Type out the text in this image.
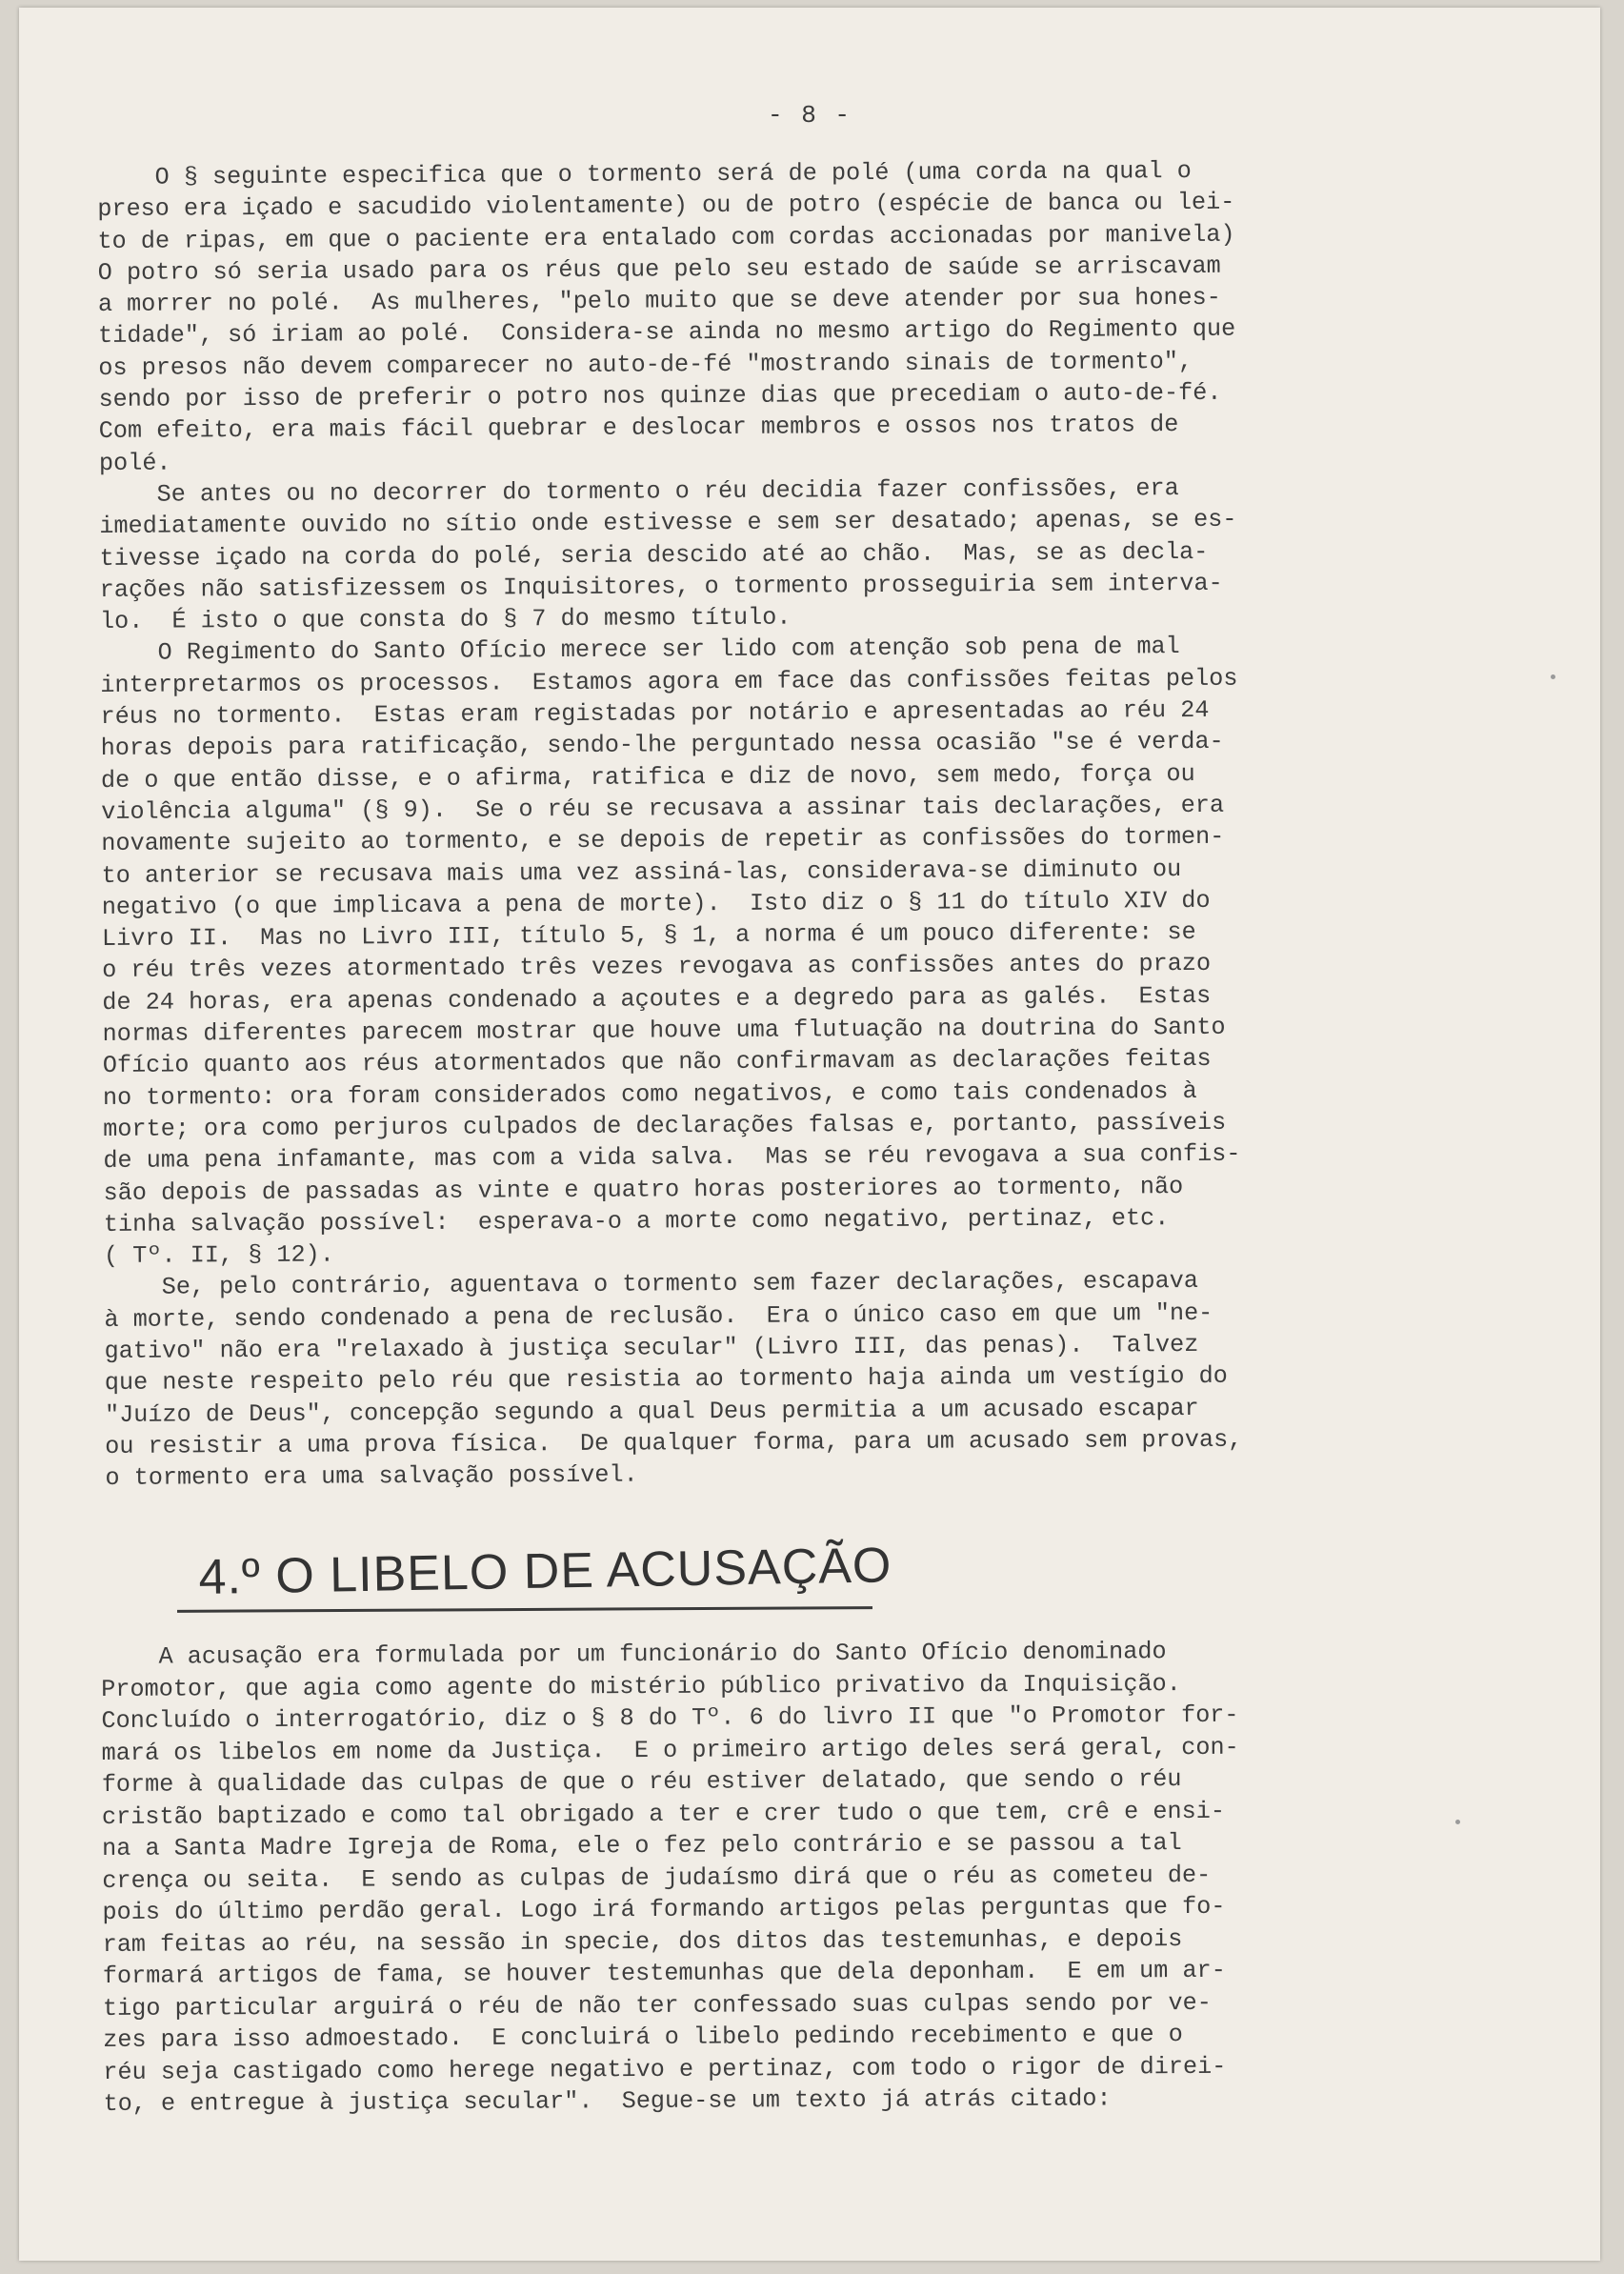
- 8 -
O § seguinte especifica que o tormento será de polé (uma corda na qual o
preso era içado e sacudido violentamente) ou de potro (espécie de banca ou lei-
to de ripas, em que o paciente era entalado com cordas accionadas por manivela)
O potro só seria usado para os réus que pelo seu estado de saúde se arriscavam
a morrer no polé.  As mulheres, "pelo muito que se deve atender por sua hones-
tidade", só iriam ao polé.  Considera-se ainda no mesmo artigo do Regimento que
os presos não devem comparecer no auto-de-fé "mostrando sinais de tormento",
sendo por isso de preferir o potro nos quinze dias que precediam o auto-de-fé.
Com efeito, era mais fácil quebrar e deslocar membros e ossos nos tratos de
polé.
Se antes ou no decorrer do tormento o réu decidia fazer confissões, era
imediatamente ouvido no sítio onde estivesse e sem ser desatado; apenas, se es-
tivesse içado na corda do polé, seria descido até ao chão.  Mas, se as decla-
rações não satisfizessem os Inquisitores, o tormento prosseguiria sem interva-
lo.  É isto o que consta do § 7 do mesmo título.
O Regimento do Santo Ofício merece ser lido com atenção sob pena de mal
interpretarmos os processos.  Estamos agora em face das confissões feitas pelos
réus no tormento.  Estas eram registadas por notário e apresentadas ao réu 24
horas depois para ratificação, sendo-lhe perguntado nessa ocasião "se é verda-
de o que então disse, e o afirma, ratifica e diz de novo, sem medo, força ou
violência alguma" (§ 9).  Se o réu se recusava a assinar tais declarações, era
novamente sujeito ao tormento, e se depois de repetir as confissões do tormen-
to anterior se recusava mais uma vez assiná-las, considerava-se diminuto ou
negativo (o que implicava a pena de morte).  Isto diz o § 11 do título XIV do
Livro II.  Mas no Livro III, título 5, § 1, a norma é um pouco diferente: se
o réu três vezes atormentado três vezes revogava as confissões antes do prazo
de 24 horas, era apenas condenado a açoutes e a degredo para as galés.  Estas
normas diferentes parecem mostrar que houve uma flutuação na doutrina do Santo
Ofício quanto aos réus atormentados que não confirmavam as declarações feitas
no tormento: ora foram considerados como negativos, e como tais condenados à
morte; ora como perjuros culpados de declarações falsas e, portanto, passíveis
de uma pena infamante, mas com a vida salva.  Mas se réu revogava a sua confis-
são depois de passadas as vinte e quatro horas posteriores ao tormento, não
tinha salvação possível:  esperava-o a morte como negativo, pertinaz, etc.
( Tº. II, § 12).
Se, pelo contrário, aguentava o tormento sem fazer declarações, escapava
à morte, sendo condenado a pena de reclusão.  Era o único caso em que um "ne-
gativo" não era "relaxado à justiça secular" (Livro III, das penas).  Talvez
que neste respeito pelo réu que resistia ao tormento haja ainda um vestígio do
"Juízo de Deus", concepção segundo a qual Deus permitia a um acusado escapar
ou resistir a uma prova física.  De qualquer forma, para um acusado sem provas,
o tormento era uma salvação possível.
4.º O LIBELO DE ACUSAÇÃO
A acusação era formulada por um funcionário do Santo Ofício denominado
Promotor, que agia como agente do mistério público privativo da Inquisição.
Concluído o interrogatório, diz o § 8 do Tº. 6 do livro II que "o Promotor for-
mará os libelos em nome da Justiça.  E o primeiro artigo deles será geral, con-
forme à qualidade das culpas de que o réu estiver delatado, que sendo o réu
cristão baptizado e como tal obrigado a ter e crer tudo o que tem, crê e ensi-
na a Santa Madre Igreja de Roma, ele o fez pelo contrário e se passou a tal
crença ou seita.  E sendo as culpas de judaísmo dirá que o réu as cometeu de-
pois do último perdão geral. Logo irá formando artigos pelas perguntas que fo-
ram feitas ao réu, na sessão in specie, dos ditos das testemunhas, e depois
formará artigos de fama, se houver testemunhas que dela deponham.  E em um ar-
tigo particular arguirá o réu de não ter confessado suas culpas sendo por ve-
zes para isso admoestado.  E concluirá o libelo pedindo recebimento e que o
réu seja castigado como herege negativo e pertinaz, com todo o rigor de direi-
to, e entregue à justiça secular".  Segue-se um texto já atrás citado:
